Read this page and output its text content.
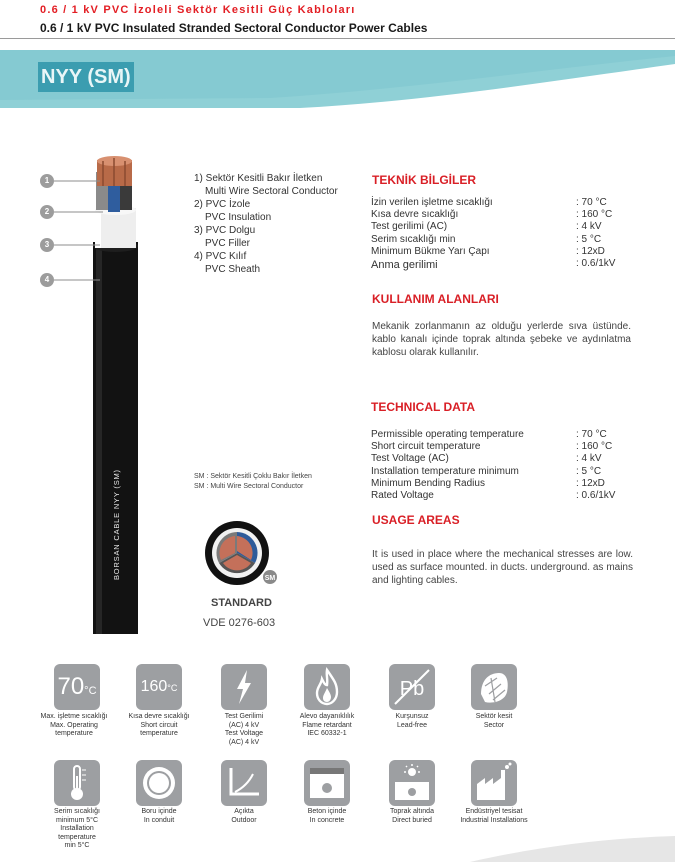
0.6 / 1 kV PVC İzoleli Sektör Kesitli Güç Kabloları
0.6 / 1 kV PVC Insulated Stranded Sectoral Conductor Power Cables
NYY (SM)
BORSAN CABLE NYY (SM)
1
2
3
4
1) Sektör Kesitli Bakır İletken
Multi Wire Sectoral Conductor
2) PVC İzole
PVC Insulation
3) PVC Dolgu
PVC Filler
4) PVC Kılıf
PVC Sheath
SM : Sektör Kesitli Çoklu Bakır İletken
SM : Multi Wire Sectoral Conductor
SM
STANDARD
VDE 0276-603
TEKNİK BİLGİLER
İzin verilen işletme sıcaklığı	: 70 °C
Kısa devre sıcaklığı	: 160 °C
Test gerilimi (AC)	: 4 kV
Serim sıcaklığı min	: 5 °C
Minimum Bükme Yarı Çapı	: 12xD
Anma gerilimi	: 0.6/1kV
KULLANIM ALANLARI
Mekanik zorlanmanın az olduğu yerlerde sıva üstünde. kablo kanalı içinde toprak altında şebeke ve aydınlatma kablosu olarak kullanılır.
TECHNICAL DATA
Permissible operating temperature	: 70 °C
Short circuit temperature	: 160 °C
Test Voltage (AC)	: 4 kV
Installation temperature minimum	: 5 °C
Minimum Bending Radius	: 12xD
Rated Voltage	: 0.6/1kV
USAGE AREAS
It is used in place where the mechanical stresses are low. used as surface mounted. in ducts. underground. as mains and lighting cables.
70°C
Max. işletme sıcaklığı
Max. Operating
temperature
160°C
Kısa devre sıcaklığı
Short circuit
temperature
Test Gerilimi
(AC) 4 kV
Test Voltage
(AC) 4 kV
Alevo dayanıklılık
Flame retardant
IEC 60332-1
Pb
Kurşunsuz
Lead-free
Sektör kesit
Sector
Serim sıcaklığı
minimum 5°C
Installation
temperature
min 5°C
Boru içinde
In conduit
Açıkta
Outdoor
Beton içinde
In concrete
Toprak altında
Direct buried
Endüstriyel tesisat
Industrial Installations
